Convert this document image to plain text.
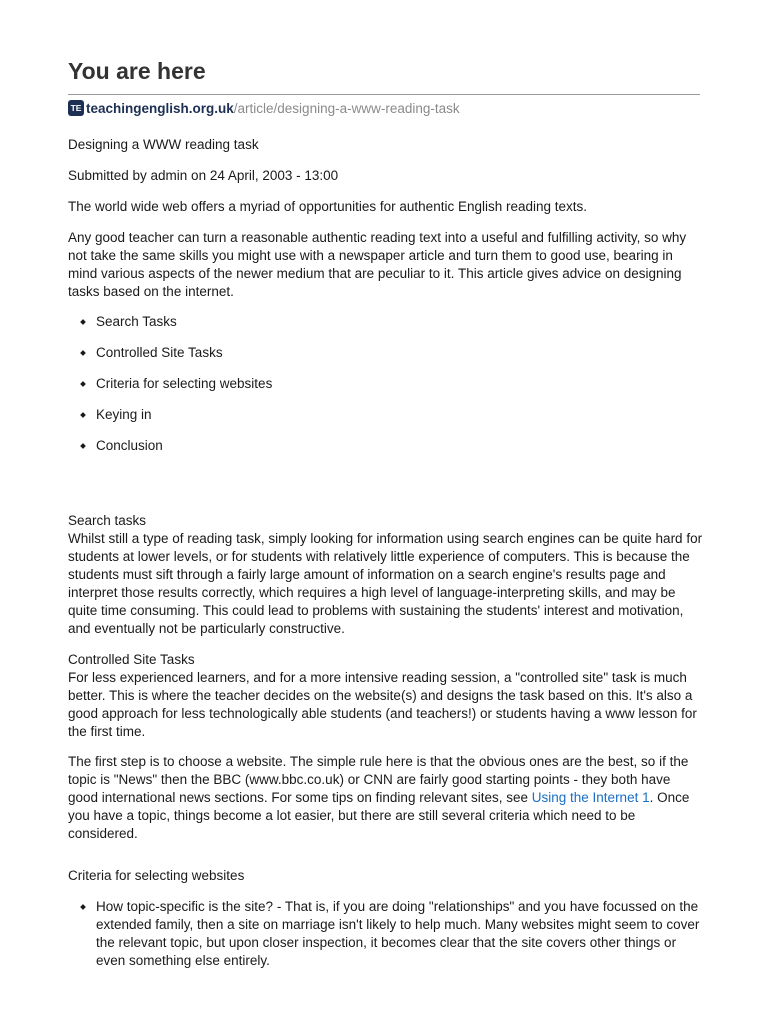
You are here
TE teachingenglish.org.uk /article/designing-a-www-reading-task

Designing a WWW reading task

Submitted by admin on 24 April, 2003 - 13:00

The world wide web offers a myriad of opportunities for authentic English reading texts.

Any good teacher can turn a reasonable authentic reading text into a useful and fulfilling activity, so why not take the same skills you might use with a newspaper article and turn them to good use, bearing in mind various aspects of the newer medium that are peculiar to it. This article gives advice on designing tasks based on the internet.

Search Tasks
Controlled Site Tasks
Criteria for selecting websites
Keying in
Conclusion

Search tasks

Whilst still a type of reading task, simply looking for information using search engines can be quite hard for students at lower levels, or for students with relatively little experience of computers. This is because the students must sift through a fairly large amount of information on a search engine's results page and interpret those results correctly, which requires a high level of language-interpreting skills, and may be quite time consuming. This could lead to problems with sustaining the students' interest and motivation, and eventually not be particularly constructive.

Controlled Site Tasks

For less experienced learners, and for a more intensive reading session, a "controlled site" task is much better. This is where the teacher decides on the website(s) and designs the task based on this. It's also a good approach for less technologically able students (and teachers!) or students having a www lesson for the first time.

The first step is to choose a website. The simple rule here is that the obvious ones are the best, so if the topic is "News" then the BBC (www.bbc.co.uk) or CNN are fairly good starting points - they both have good international news sections. For some tips on finding relevant sites, see Using the Internet 1. Once you have a topic, things become a lot easier, but there are still several criteria which need to be considered.

Criteria for selecting websites

How topic-specific is the site? - That is, if you are doing "relationships" and you have focussed on the extended family, then a site on marriage isn't likely to help much. Many websites might seem to cover the relevant topic, but upon closer inspection, it becomes clear that the site covers other things or even something else entirely.
